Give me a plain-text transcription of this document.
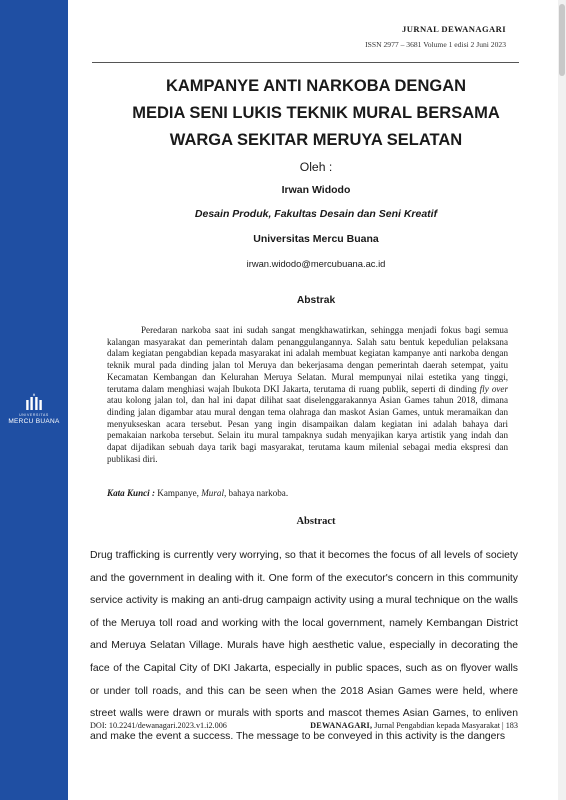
UNIVERSITAS
MERCU BUANA
JURNAL DEWANAGARI
ISSN 2977 – 3681 Volume 1 edisi 2 Juni 2023
KAMPANYE ANTI NARKOBA DENGAN
MEDIA SENI LUKIS TEKNIK MURAL BERSAMA
WARGA SEKITAR MERUYA SELATAN
Oleh :
Irwan Widodo
Desain Produk, Fakultas Desain dan Seni Kreatif
Universitas Mercu Buana
irwan.widodo@mercubuana.ac.id
Abstrak
Peredaran narkoba saat ini sudah sangat mengkhawatirkan, sehingga menjadi fokus bagi semua kalangan masyarakat dan pemerintah dalam penanggulangannya. Salah satu bentuk kepedulian pelaksana dalam kegiatan pengabdian kepada masyarakat ini adalah membuat kegiatan kampanye anti narkoba dengan teknik mural pada dinding jalan tol Meruya dan bekerjasama dengan pemerintah daerah setempat, yaitu Kecamatan Kembangan dan Kelurahan Meruya Selatan. Mural mempunyai nilai estetika yang tinggi, terutama dalam menghiasi wajah Ibukota DKI Jakarta, terutama di ruang publik, seperti di dinding fly over atau kolong jalan tol, dan hal ini dapat dilihat saat diselenggarakannya Asian Games tahun 2018, dimana dinding jalan digambar atau mural dengan tema olahraga dan maskot Asian Games, untuk meramaikan dan menyukseskan acara tersebut. Pesan yang ingin disampaikan dalam kegiatan ini adalah bahaya dari pemakaian narkoba tersebut. Selain itu mural tampaknya sudah menyajikan karya artistik yang indah dan dapat dijadikan sebuah daya tarik bagi masyarakat, terutama kaum milenial sebagai media ekspresi dan publikasi diri.
Kata Kunci : Kampanye, Mural, bahaya narkoba.
Abstract
Drug trafficking is currently very worrying, so that it becomes the focus of all levels of society and the government in dealing with it. One form of the executor's concern in this community service activity is making an anti-drug campaign activity using a mural technique on the walls of the Meruya toll road and working with the local government, namely Kembangan District and Meruya Selatan Village. Murals have high aesthetic value, especially in decorating the face of the Capital City of DKI Jakarta, especially in public spaces, such as on flyover walls or under toll roads, and this can be seen when the 2018 Asian Games were held, where street walls were drawn or murals with sports and mascot themes Asian Games, to enliven and make the event a success. The message to be conveyed in this activity is the dangers
DOI: 10.2241/dewanagari.2023.v1.i2.006	DEWANAGARI, Jurnal Pengabdian kepada Masyarakat | 183
